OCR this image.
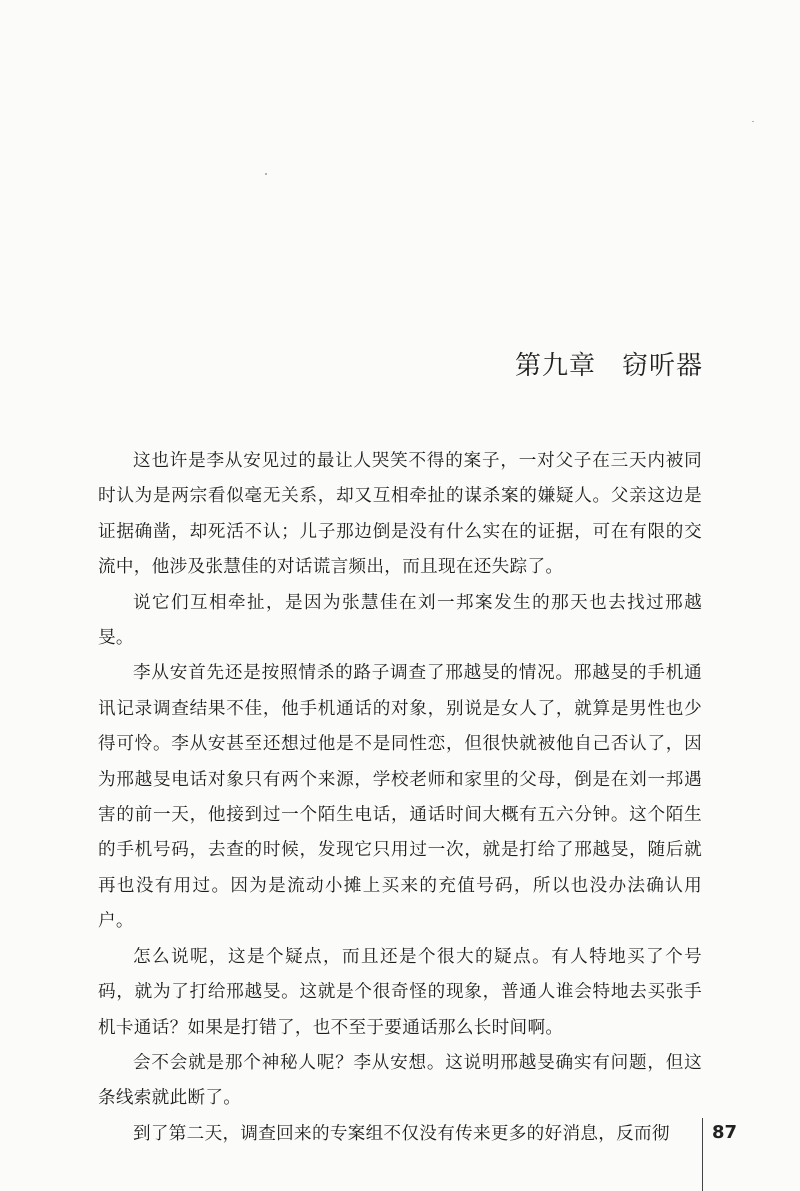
第九章 窃听器

这也许是李从安见过的最让人哭笑不得的案子，一对父子在三天内被同时认为是两宗看似毫无关系，却又互相牵扯的谋杀案的嫌疑人。父亲这边是证据确凿，却死活不认；儿子那边倒是没有什么实在的证据，可在有限的交流中，他涉及张慧佳的对话谎言频出，而且现在还失踪了。

说它们互相牵扯，是因为张慧佳在刘一邦案发生的那天也去找过邢越旻。

李从安首先还是按照情杀的路子调查了邢越旻的情况。邢越旻的手机通讯记录调查结果不佳，他手机通话的对象，别说是女人了，就算是男性也少得可怜。李从安甚至还想过他是不是同性恋，但很快就被他自己否认了，因为邢越旻电话对象只有两个来源，学校老师和家里的父母，倒是在刘一邦遇害的前一天，他接到过一个陌生电话，通话时间大概有五六分钟。这个陌生的手机号码，去查的时候，发现它只用过一次，就是打给了邢越旻，随后就再也没有用过。因为是流动小摊上买来的充值号码，所以也没办法确认用户。

怎么说呢，这是个疑点，而且还是个很大的疑点。有人特地买了个号码，就为了打给邢越旻。这就是个很奇怪的现象，普通人谁会特地去买张手机卡通话？如果是打错了，也不至于要通话那么长时间啊。

会不会就是那个神秘人呢？李从安想。这说明邢越旻确实有问题，但这条线索就此断了。

到了第二天，调查回来的专案组不仅没有传来更多的好消息，反而彻	87
